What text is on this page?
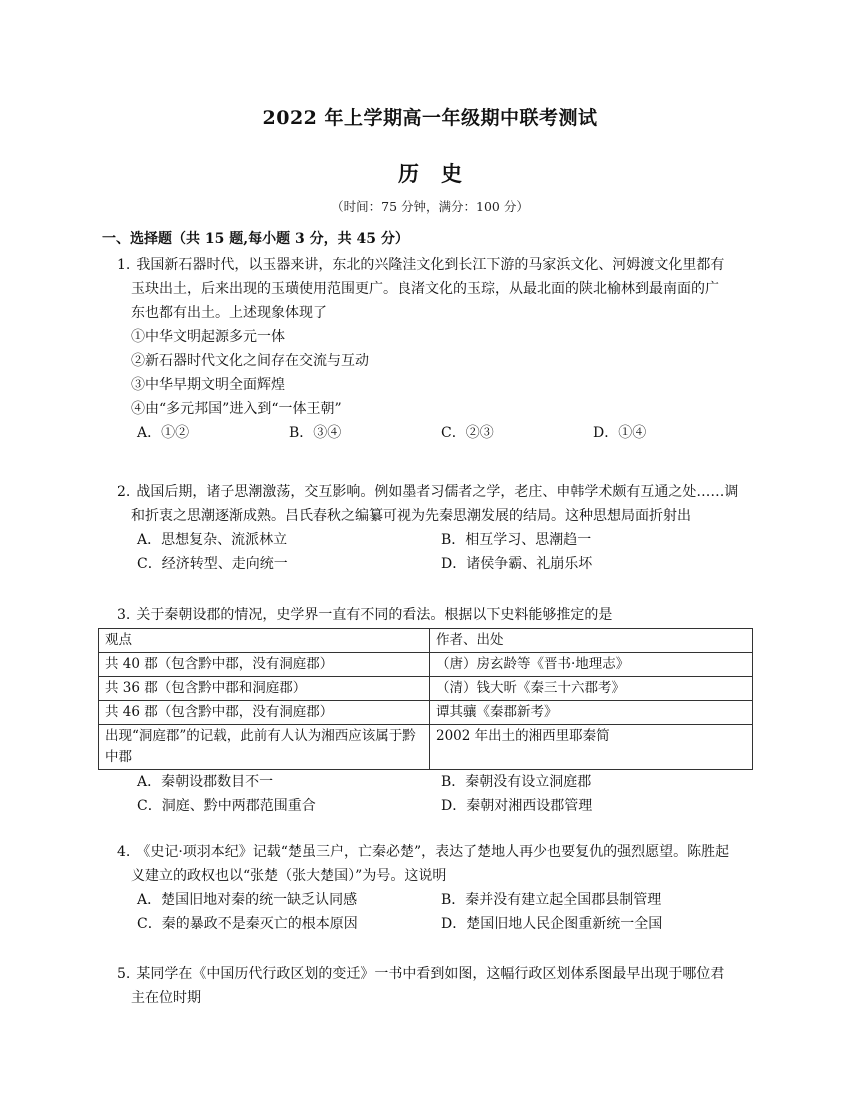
2022 年上学期高一年级期中联考测试
历史
（时间：75 分钟，满分：100 分）
一、选择题（共 15 题,每小题 3 分，共 45 分）

1. 我国新石器时代，以玉器来讲，东北的兴隆洼文化到长江下游的马家浜文化、河姆渡文化里都有

玉玦出土，后来出现的玉璜使用范围更广。良渚文化的玉琮，从最北面的陕北榆林到最南面的广

东也都有出土。上述现象体现了

①中华文明起源多元一体
②新石器时代文化之间存在交流与互动
③中华早期文明全面辉煌
④由“多元邦国”进入到“一体王朝”
A．①②	B．③④	C．②③	D．①④

2. 战国后期，诸子思潮激荡，交互影响。例如墨者习儒者之学，老庄、申韩学术颇有互通之处……调

和折衷之思潮逐渐成熟。吕氏春秋之编纂可视为先秦思潮发展的结局。这种思想局面折射出

A．思想复杂、流派林立	B．相互学习、思潮趋一
C．经济转型、走向统一	D．诸侯争霸、礼崩乐坏

3. 关于秦朝设郡的情况，史学界一直有不同的看法。根据以下史料能够推定的是

观点	作者、出处
共 40 郡（包含黔中郡，没有洞庭郡）	（唐）房玄龄等《晋书·地理志》
共 36 郡（包含黔中郡和洞庭郡）	（清）钱大昕《秦三十六郡考》
共 46 郡（包含黔中郡，没有洞庭郡）	谭其骧《秦郡新考》
出现“洞庭郡”的记载，此前有人认为湘西应该属于黔中郡	2002 年出土的湘西里耶秦简
A．秦朝设郡数目不一	B．秦朝没有设立洞庭郡
C．洞庭、黔中两郡范围重合	D．秦朝对湘西设郡管理

4. 《史记·项羽本纪》记载“楚虽三户，亡秦必楚”，表达了楚地人再少也要复仇的强烈愿望。陈胜起

义建立的政权也以“张楚（张大楚国）”为号。这说明

A．楚国旧地对秦的统一缺乏认同感	B．秦并没有建立起全国郡县制管理
C．秦的暴政不是秦灭亡的根本原因	D．楚国旧地人民企图重新统一全国

5. 某同学在《中国历代行政区划的变迁》一书中看到如图，这幅行政区划体系图最早出现于哪位君

主在位时期
